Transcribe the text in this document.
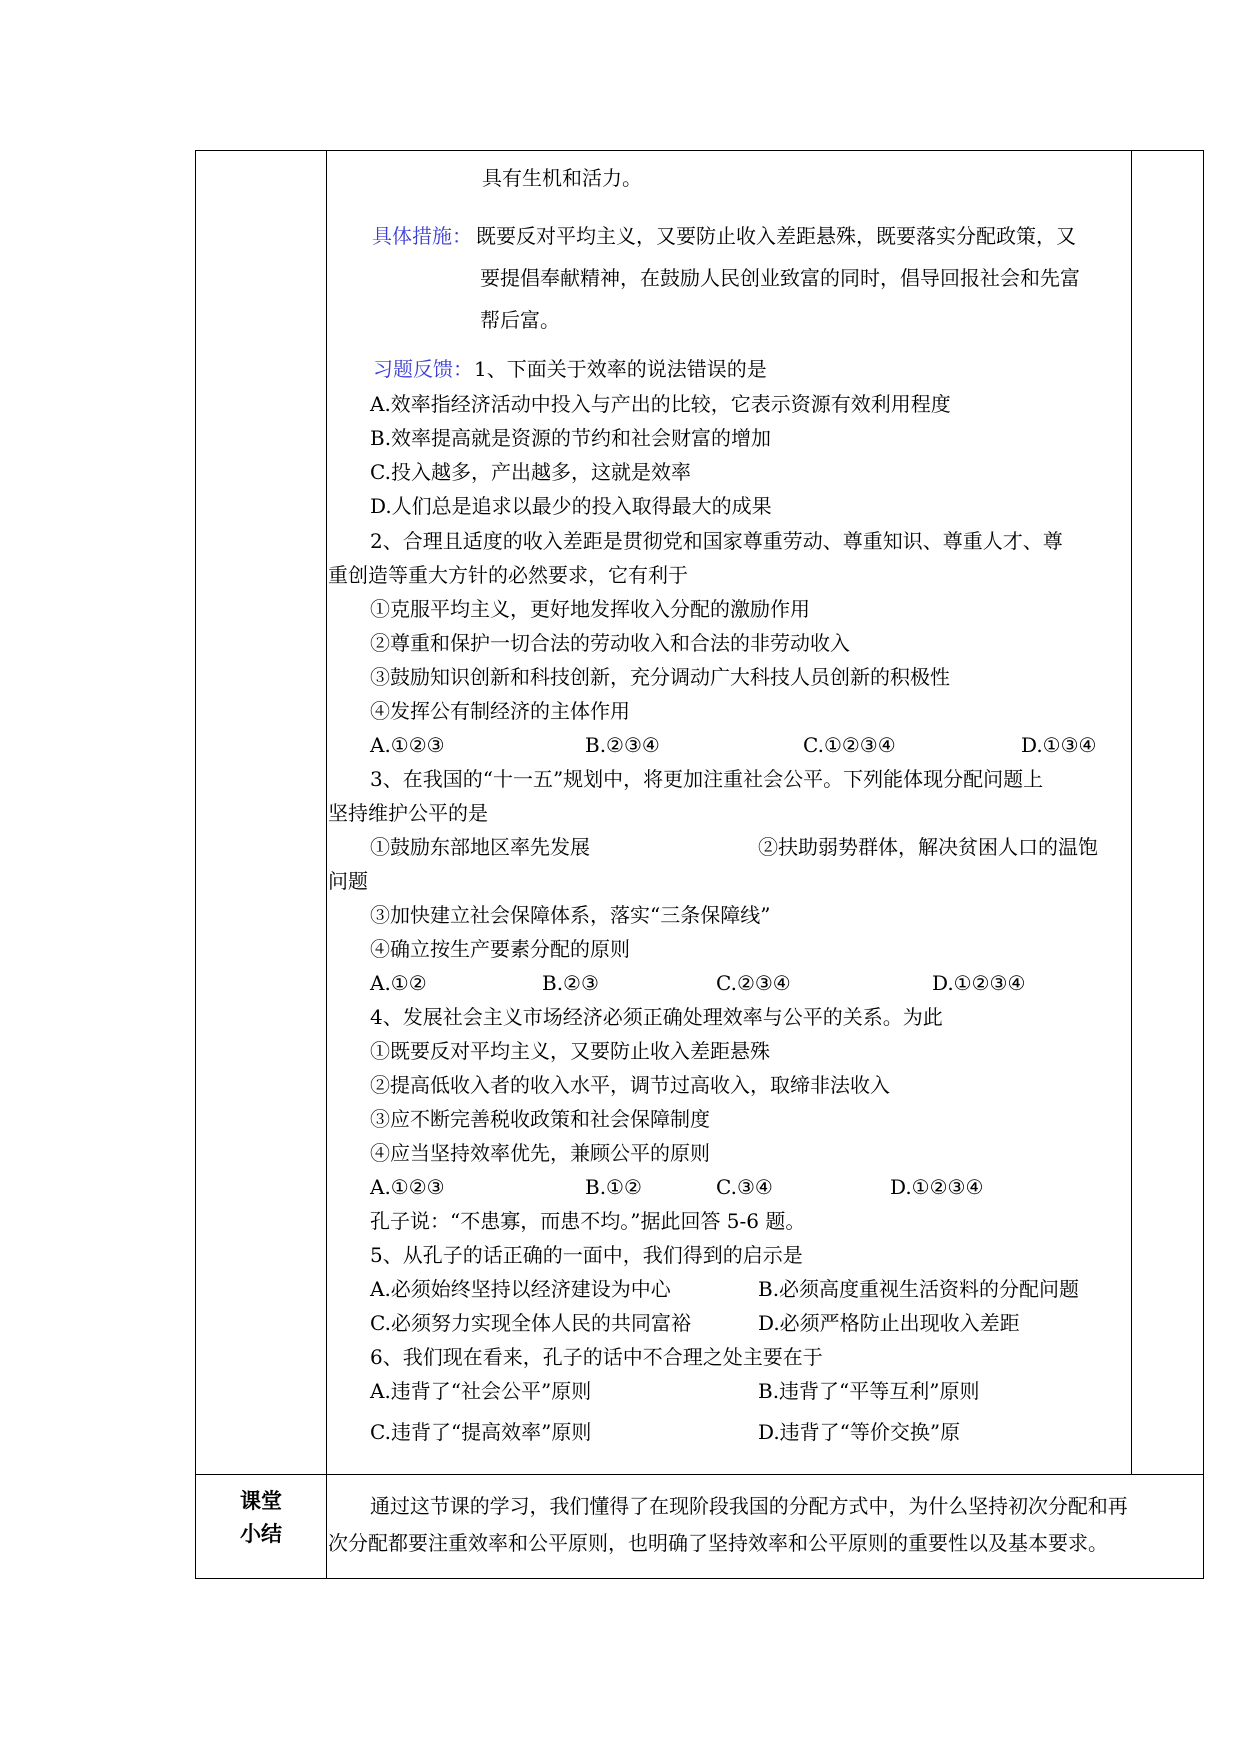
具有生机和活力。
具体措施： 既要反对平均主义，又要防止收入差距悬殊，既要落实分配政策，又
要提倡奉献精神，在鼓励人民创业致富的同时，倡导回报社会和先富
帮后富。
习题反馈： 1、下面关于效率的说法错误的是
A.效率指经济活动中投入与产出的比较，它表示资源有效利用程度
B.效率提高就是资源的节约和社会财富的增加
C.投入越多，产出越多，这就是效率
D.人们总是追求以最少的投入取得最大的成果
2、合理且适度的收入差距是贯彻党和国家尊重劳动、尊重知识、尊重人才、尊
重创造等重大方针的必然要求，它有利于
①克服平均主义，更好地发挥收入分配的激励作用
②尊重和保护一切合法的劳动收入和合法的非劳动收入
③鼓励知识创新和科技创新，充分调动广大科技人员创新的积极性
④发挥公有制经济的主体作用
A.①②③	B.②③④	C.①②③④	D.①③④
3、在我国的“十一五”规划中，将更加注重社会公平。下列能体现分配问题上
坚持维护公平的是
①鼓励东部地区率先发展	②扶助弱势群体，解决贫困人口的温饱
问题
③加快建立社会保障体系，落实“三条保障线”
④确立按生产要素分配的原则
A.①②	B.②③	C.②③④	D.①②③④
4、发展社会主义市场经济必须正确处理效率与公平的关系。为此
①既要反对平均主义，又要防止收入差距悬殊
②提高低收入者的收入水平，调节过高收入，取缔非法收入
③应不断完善税收政策和社会保障制度
④应当坚持效率优先，兼顾公平的原则
A.①②③	B.①②	C.③④	D.①②③④
孔子说：“不患寡，而患不均。”据此回答 5-6 题。
5、从孔子的话正确的一面中，我们得到的启示是
A.必须始终坚持以经济建设为中心	B.必须高度重视生活资料的分配问题
C.必须努力实现全体人民的共同富裕	D.必须严格防止出现收入差距
6、我们现在看来，孔子的话中不合理之处主要在于
A.违背了“社会公平”原则	B.违背了“平等互利”原则
C.违背了“提高效率”原则	D.违背了“等价交换”原
课堂
小结
通过这节课的学习，我们懂得了在现阶段我国的分配方式中，为什么坚持初次分配和再
次分配都要注重效率和公平原则，也明确了坚持效率和公平原则的重要性以及基本要求。
